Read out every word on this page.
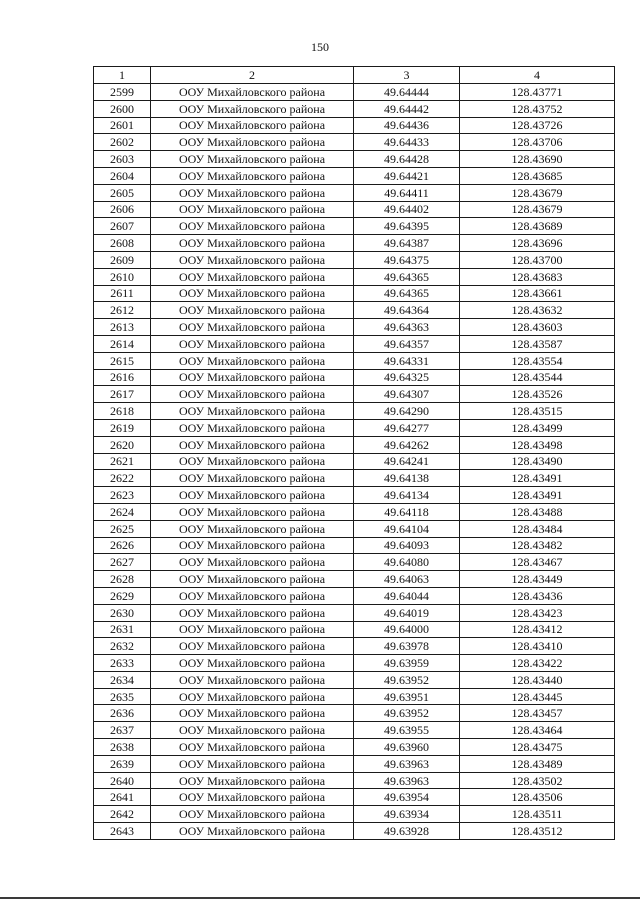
150
1	2	3	4
2599	ООУ Михайловского района	49.64444	128.43771
2600	ООУ Михайловского района	49.64442	128.43752
2601	ООУ Михайловского района	49.64436	128.43726
2602	ООУ Михайловского района	49.64433	128.43706
2603	ООУ Михайловского района	49.64428	128.43690
2604	ООУ Михайловского района	49.64421	128.43685
2605	ООУ Михайловского района	49.64411	128.43679
2606	ООУ Михайловского района	49.64402	128.43679
2607	ООУ Михайловского района	49.64395	128.43689
2608	ООУ Михайловского района	49.64387	128.43696
2609	ООУ Михайловского района	49.64375	128.43700
2610	ООУ Михайловского района	49.64365	128.43683
2611	ООУ Михайловского района	49.64365	128.43661
2612	ООУ Михайловского района	49.64364	128.43632
2613	ООУ Михайловского района	49.64363	128.43603
2614	ООУ Михайловского района	49.64357	128.43587
2615	ООУ Михайловского района	49.64331	128.43554
2616	ООУ Михайловского района	49.64325	128.43544
2617	ООУ Михайловского района	49.64307	128.43526
2618	ООУ Михайловского района	49.64290	128.43515
2619	ООУ Михайловского района	49.64277	128.43499
2620	ООУ Михайловского района	49.64262	128.43498
2621	ООУ Михайловского района	49.64241	128.43490
2622	ООУ Михайловского района	49.64138	128.43491
2623	ООУ Михайловского района	49.64134	128.43491
2624	ООУ Михайловского района	49.64118	128.43488
2625	ООУ Михайловского района	49.64104	128.43484
2626	ООУ Михайловского района	49.64093	128.43482
2627	ООУ Михайловского района	49.64080	128.43467
2628	ООУ Михайловского района	49.64063	128.43449
2629	ООУ Михайловского района	49.64044	128.43436
2630	ООУ Михайловского района	49.64019	128.43423
2631	ООУ Михайловского района	49.64000	128.43412
2632	ООУ Михайловского района	49.63978	128.43410
2633	ООУ Михайловского района	49.63959	128.43422
2634	ООУ Михайловского района	49.63952	128.43440
2635	ООУ Михайловского района	49.63951	128.43445
2636	ООУ Михайловского района	49.63952	128.43457
2637	ООУ Михайловского района	49.63955	128.43464
2638	ООУ Михайловского района	49.63960	128.43475
2639	ООУ Михайловского района	49.63963	128.43489
2640	ООУ Михайловского района	49.63963	128.43502
2641	ООУ Михайловского района	49.63954	128.43506
2642	ООУ Михайловского района	49.63934	128.43511
2643	ООУ Михайловского района	49.63928	128.43512
